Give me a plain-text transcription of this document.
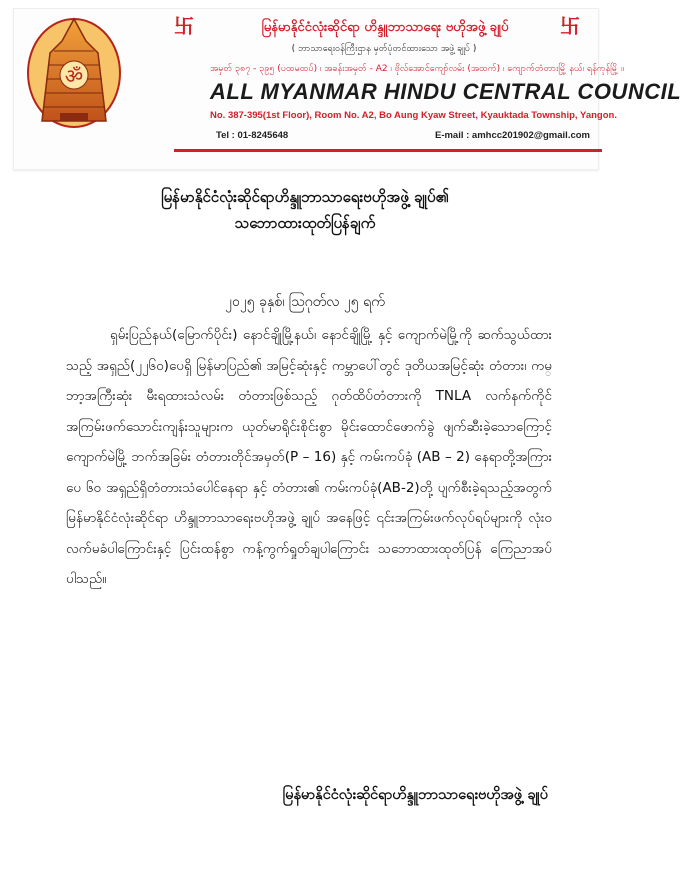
ॐ
卐	卐
မြန်မာနိုင်ငံလုံးဆိုင်ရာ ဟိန္ဒူဘာသာရေး ဗဟိုအဖွဲ့ ချုပ်
( ဘာသာရေးဝန်ကြီးဌာန မှတ်ပုံတင်ထားသော အဖွဲ့ ချုပ် )
အမှတ် ၃၈၇ - ၃၉၅ (ပထမထပ်) ၊ အခန်းအမှတ် - A2 ၊ ဗိုလ်အောင်ကျော်လမ်း (အထက်) ၊ ကျောက်တံတားမြို့ နယ်၊ ရန်ကုန်မြို့ ။
ALL MYANMAR HINDU CENTRAL COUNCIL
No. 387-395(1st Floor), Room No. A2, Bo Aung Kyaw Street, Kyauktada Township, Yangon.
Tel : 01-8245648	E-mail : amhcc201902@gmail.com
မြန်မာနိုင်ငံလုံးဆိုင်ရာဟိန္ဒူဘာသာရေးဗဟိုအဖွဲ့ ချုပ်၏
သဘောထားထုတ်ပြန်ချက်
၂၀၂၅ ခုနှစ်၊ ဩဂုတ်လ ၂၅ ရက်
ရှမ်းပြည်နယ်(မြောက်ပိုင်း) နောင်ချိုမြို့နယ်၊ နောင်ချိုမြို့ နှင့် ကျောက်မဲမြို့ကို ဆက်သွယ်ထားသည့် အရှည်(၂၂၆၀)ပေရှိ မြန်မာပြည်၏ အမြင့်ဆုံးနှင့် ကမ္ဘာပေါ်တွင် ဒုတိယအမြင့်ဆုံး တံတား၊ ကမ္ဘာ့အကြီးဆုံး မီးရထားသံလမ်း တံတားဖြစ်သည့် ဂုတ်ထိပ်တံတားကို TNLA လက်နက်ကိုင် အကြမ်းဖက်သောင်းကျန်းသူများက ယုတ်မာရိုင်းစိုင်းစွာ မိုင်းထောင်ဖောက်ခွဲ ဖျက်ဆီးခဲ့သောကြောင့် ကျောက်မဲမြို့ ဘက်အခြမ်း တံတားတိုင်အမှတ်(P – 16) နှင့် ကမ်းကပ်ခုံ (AB – 2) နေရာတို့အကြား ပေ ၆၀ အရှည်ရှိတံတားသံပေါင်နေရာ နှင့် တံတား၏ ကမ်းကပ်ခုံ(AB-2)တို့ ပျက်စီးခဲ့ရသည့်အတွက် မြန်မာနိုင်ငံလုံးဆိုင်ရာ ဟိန္ဒူဘာသာရေးဗဟိုအဖွဲ့ ချုပ် အနေဖြင့် ၎င်းအကြမ်းဖက်လုပ်ရပ်များကို လုံးဝလက်မခံပါကြောင်းနှင့် ပြင်းထန်စွာ ကန့်ကွက်ရှုတ်ချပါကြောင်း သဘောထားထုတ်ပြန် ကြေညာအပ်ပါသည်။
မြန်မာနိုင်ငံလုံးဆိုင်ရာဟိန္ဒူဘာသာရေးဗဟိုအဖွဲ့ ချုပ်
